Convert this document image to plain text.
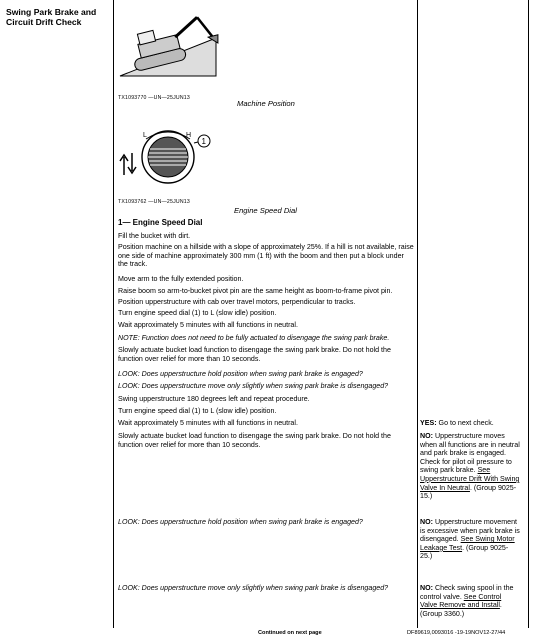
Swing Park Brake and Circuit Drift Check
TX1093770 —UN—25JUN13
Machine Position
L	H
1
TX1093762 —UN—25JUN13
Engine Speed Dial
1— Engine Speed Dial
Fill the bucket with dirt.
Position machine on a hillside with a slope of approximately 25%. If a hill is not available, raise one side of machine approximately 300 mm (1 ft) with the boom and then put a block under the track.
Move arm to the fully extended position.
Raise boom so arm-to-bucket pivot pin are the same height as boom-to-frame pivot pin.
Position upperstructure with cab over travel motors, perpendicular to tracks.
Turn engine speed dial (1) to L (slow idle) position.
Wait approximately 5 minutes with all functions in neutral.
NOTE: Function does not need to be fully actuated to disengage the swing park brake.
Slowly actuate bucket load function to disengage the swing park brake. Do not hold the function over relief for more than 10 seconds.
LOOK: Does upperstructure hold position when swing park brake is engaged?
LOOK: Does upperstructure move only slightly when swing park brake is disengaged?
Swing upperstructure 180 degrees left and repeat procedure.
Turn engine speed dial (1) to L (slow idle) position.
Wait approximately 5 minutes with all functions in neutral.
Slowly actuate bucket load function to disengage the swing park brake. Do not hold the function over relief for more than 10 seconds.
LOOK: Does upperstructure hold position when swing park brake is engaged?
LOOK: Does upperstructure move only slightly when swing park brake is disengaged?
YES: Go to next check.
NO: Upperstructure moves when all functions are in neutral and park brake is engaged. Check for pilot oil pressure to swing park brake. See Upperstructure Drift With Swing Valve In Neutral. (Group 9025-15.)
NO: Upperstructure movement is excessive when park brake is disengaged. See Swing Motor Leakage Test. (Group 9025-25.)
NO: Check swing spool in the control valve. See Control Valve Remove and Install. (Group 3360.)
Continued on next page	DF89619,0093016 -19-19NOV12-27/44
